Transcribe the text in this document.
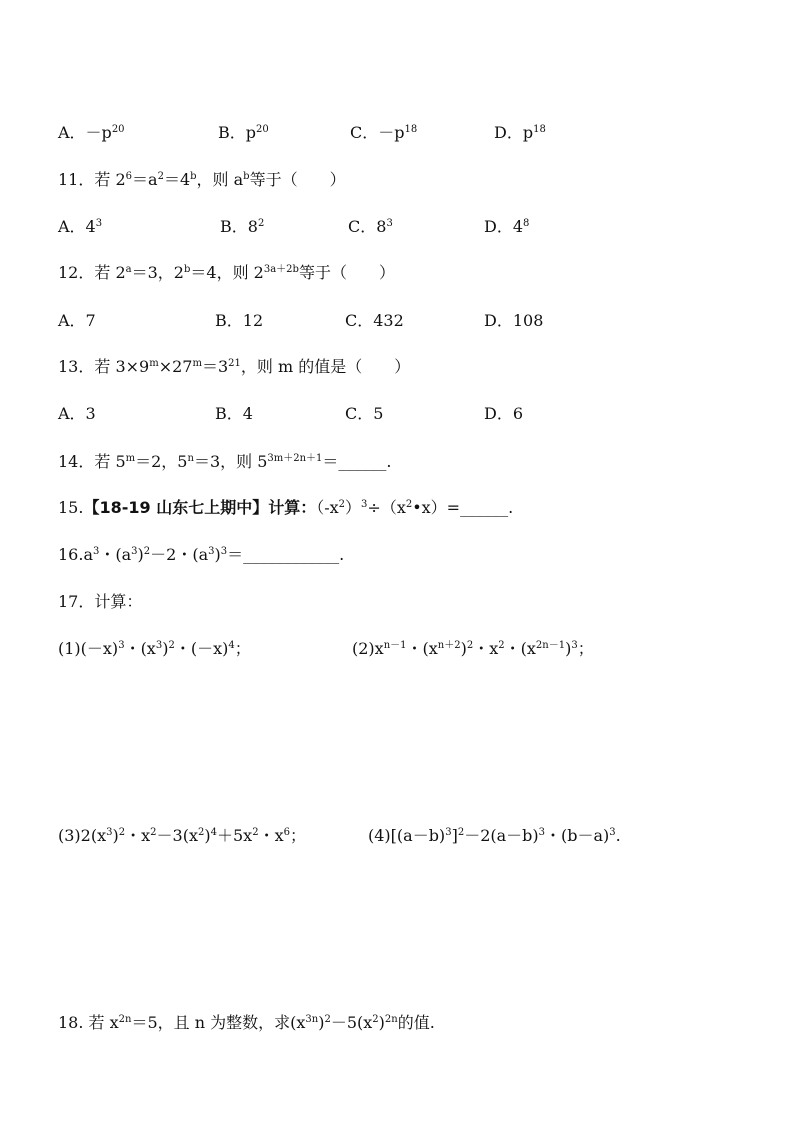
A．$-p^{20}$	B．$p^{20}$	C．$-p^{18}$	D．$p^{18}$
11．若 $2^6=a^2=4^b$，则 $a^b$等于（　　）
A．$4^3$	B．$8^2$	C．$8^3$	D．$4^8$
12．若 $2^a=3$，$2^b=4$，则 $2^{3a+2b}$等于（　　）
A．7	B．12	C．432	D．108
13．若 $3\times 9^m\times 27^m=3^{21}$，则 m 的值是（　　）
A．3	B．4	C．5	D．6
14．若 $5^m=2$，$5^n=3$，则 $5^{3m+2n+1}=\_\_\_\_\_\_$.
15.【18-19 山东七上期中】计算：$(-x^2)^3\div(x^2•x)=\_\_\_\_\_\_$.
$16.a^3$・$(a^3)^2-2$・$(a^3)^3=\_\_\_\_\_\_\_\_\_\_\_\_$.
17．计算：
$(1)(-x)^3$・$(x^3)^2$・$(-x)^4$；	$(2)x^{n-1}$・$(x^{n+2})^2$・$x^2$・$(x^{2n-1})^3$；
$(3)2(x^3)^2$・$x^2-3(x^2)^4+5x^2$・$x^6$；	$(4)[(a-b)^3]^2-2(a-b)^3$・$(b-a)^3$.
18. 若 $x^{2n}=5$，且 n 为整数，求$(x^{3n})^2-5(x^2)^{2n}$的值.
